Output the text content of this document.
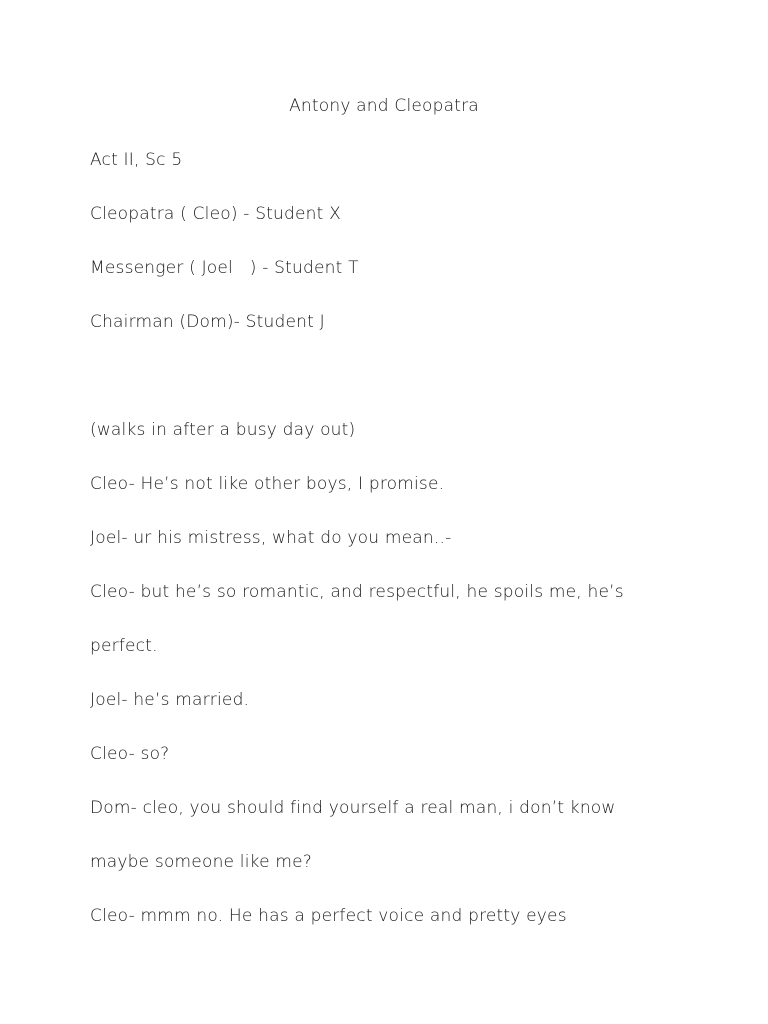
Antony and Cleopatra
Act II, Sc 5
Cleopatra ( Cleo) - Student X
Messenger ( Joel   ) - Student T
Chairman (Dom)- Student J
(walks in after a busy day out)
Cleo- He’s not like other boys, I promise.
Joel- ur his mistress, what do you mean..-
Cleo- but he’s so romantic, and respectful, he spoils me, he’s
perfect.
Joel- he’s married.
Cleo- so?
Dom- cleo, you should find yourself a real man, i don’t know
maybe someone like me?
Cleo- mmm no. He has a perfect voice and pretty eyes
